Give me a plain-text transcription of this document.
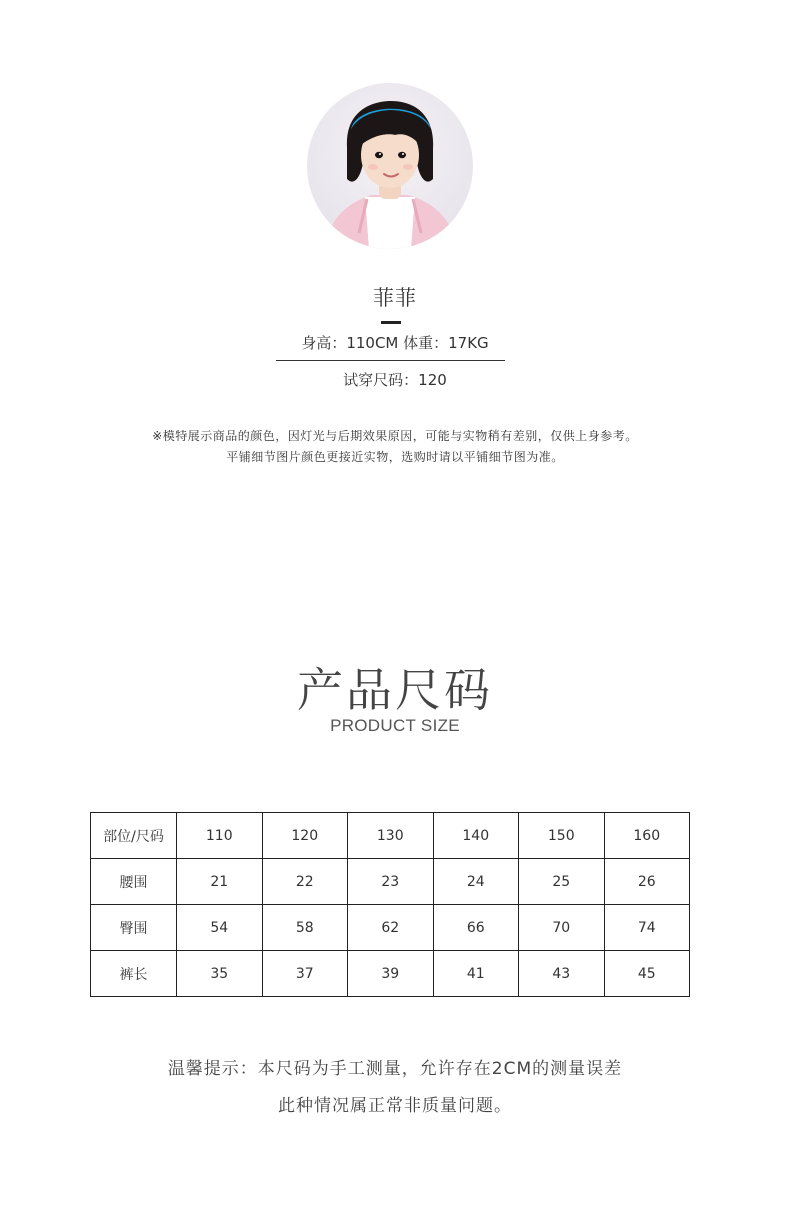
菲菲
身高：110CM 体重：17KG
试穿尺码：120
※模特展示商品的颜色，因灯光与后期效果原因，可能与实物稍有差别，仅供上身参考。
平铺细节图片颜色更接近实物，选购时请以平铺细节图为准。
产品尺码
PRODUCT SIZE
部位/尺码	110	120	130	140	150	160
腰围	21	22	23	24	25	26
臀围	54	58	62	66	70	74
裤长	35	37	39	41	43	45
温馨提示：本尺码为手工测量，允许存在2CM的测量误差
此种情况属正常非质量问题。
